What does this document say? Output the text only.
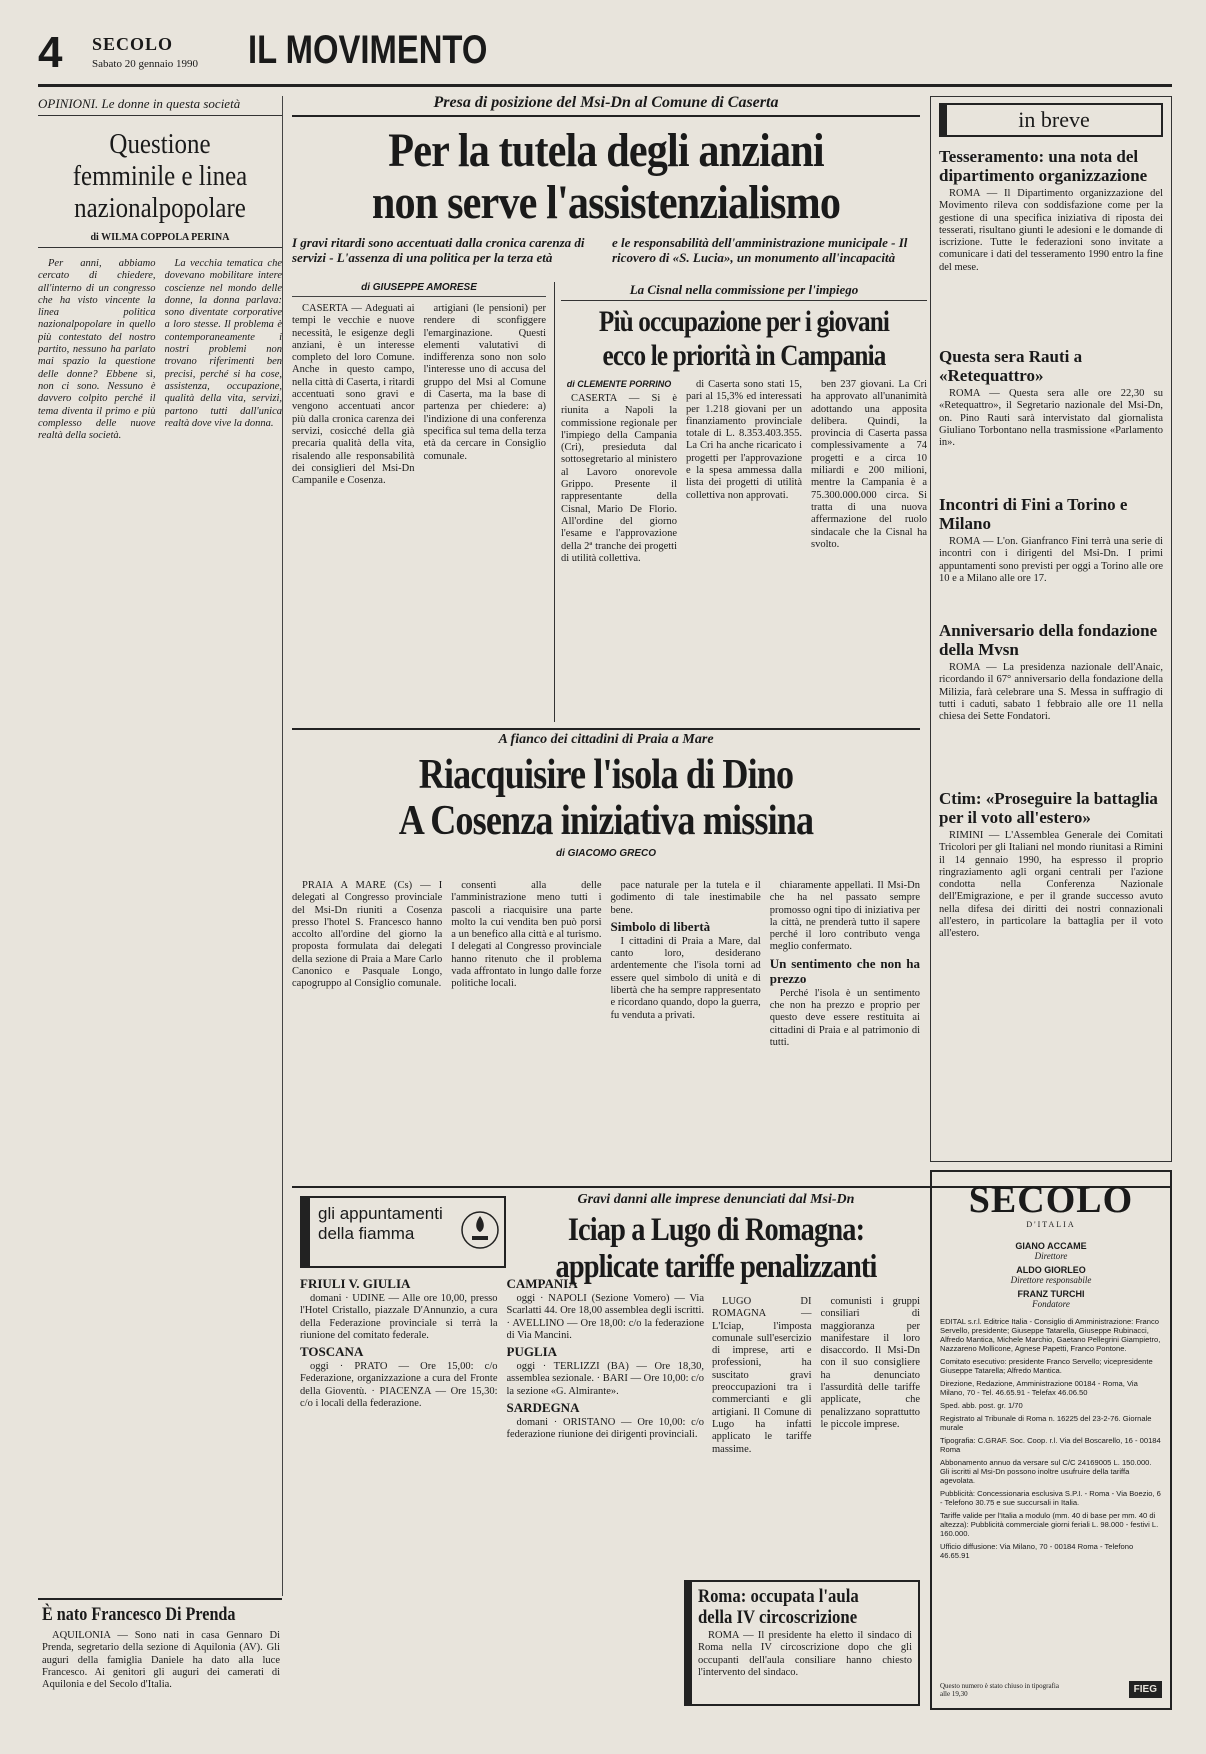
4 SECOLO
Sabato 20 gennaio 1990 IL MOVIMENTO
OPINIONI. Le donne in questa società
Questione femminile e linea nazionalpopolare
di WILMA COPPOLA PERINA

Per anni, abbiamo cercato di chiedere, all'interno di un congresso che ha visto vincente la linea politica nazionalpopolare in quello più contestato del nostro partito, nessuno ha parlato mai spazio la questione delle donne? Ebbene sì, non ci sono. Nessuno è davvero colpito perché il tema diventa il primo e più complesso delle nuove realtà della società.

La vecchia tematica che dovevano mobilitare intere coscienze nel mondo delle donne, la donna parlava: sono diventate corporative a loro stesse. Il problema è contemporaneamente i nostri problemi non trovano riferimenti ben precisi, perché si ha cose, assistenza, occupazione, qualità della vita, servizi, partono tutti dall'unica realtà dove vive la donna.

È nato Francesco Di Prenda

AQUILONIA — Sono nati in casa Gennaro Di Prenda, segretario della sezione di Aquilonia (AV). Gli auguri della famiglia Daniele ha dato alla luce Francesco. Ai genitori gli auguri dei camerati di Aquilonia e del Secolo d'Italia.

Presa di posizione del Msi-Dn al Comune di Caserta
Per la tutela degli anziani
non serve l'assistenzialismo
I gravi ritardi sono accentuati dalla cronica carenza di servizi - L'assenza di una politica per la terza età
e le responsabilità dell'amministrazione municipale - Il ricovero di «S. Lucia», un monumento all'incapacità
di GIUSEPPE AMORESE

CASERTA — Adeguati ai tempi le vecchie e nuove necessità, le esigenze degli anziani, è un interesse completo del loro Comune. Anche in questo campo, nella città di Caserta, i ritardi accentuati sono gravi e vengono accentuati ancor più dalla cronica carenza dei servizi, cosicché della già precaria qualità della vita, risalendo alle responsabilità dei consiglieri del Msi-Dn Campanile e Cosenza.

artigiani (le pensioni) per rendere di sconfiggere l'emarginazione. Questi elementi valutativi di indifferenza sono non solo l'interesse uno di accusa del gruppo del Msi al Comune di Caserta, ma la base di partenza per chiedere: a) l'indizione di una conferenza specifica sul tema della terza età da cercare in Consiglio comunale.

La Cisnal nella commissione per l'impiego
Più occupazione per i giovani
ecco le priorità in Campania
di CLEMENTE PORRINO

CASERTA — Si è riunita a Napoli la commissione regionale per l'impiego della Campania (Cri), presieduta dal sottosegretario al ministero al Lavoro onorevole Grippo. Presente il rappresentante della Cisnal, Mario De Florio. All'ordine del giorno l'esame e l'approvazione della 2ª tranche dei progetti di utilità collettiva.

di Caserta sono stati 15, pari al 15,3% ed interessati per 1.218 giovani per un finanziamento provinciale totale di L. 8.353.403.355. La Cri ha anche ricaricato i progetti per l'approvazione e la spesa ammessa dalla lista dei progetti di utilità collettiva non approvati.

ben 237 giovani. La Cri ha approvato all'unanimità adottando una apposita delibera. Quindi, la provincia di Caserta passa complessivamente a 74 progetti e a circa 10 miliardi e 200 milioni, mentre la Campania è a 75.300.000.000 circa. Si tratta di una nuova affermazione del ruolo sindacale che la Cisnal ha svolto.

A fianco dei cittadini di Praia a Mare
Riacquisire l'isola di Dino
A Cosenza iniziativa missina
di GIACOMO GRECO

PRAIA A MARE (Cs) — I delegati al Congresso provinciale del Msi-Dn riuniti a Cosenza presso l'hotel S. Francesco hanno accolto all'ordine del giorno la proposta formulata dai delegati della sezione di Praia a Mare Carlo Canonico e Pasquale Longo, capogruppo al Consiglio comunale.

consentì alla delle l'amministrazione meno tutti i pascoli a riacquisire una parte molto la cui vendita ben può porsi a un benefico alla città e al turismo. I delegati al Congresso provinciale hanno ritenuto che il problema vada affrontato in lungo dalle forze politiche locali.

pace naturale per la tutela e il godimento di tale inestimabile bene.

Simbolo di libertà

I cittadini di Praia a Mare, dal canto loro, desiderano ardentemente che l'isola torni ad essere quel simbolo di unità e di libertà che ha sempre rappresentato e ricordano quando, dopo la guerra, fu venduta a privati.

chiaramente appellati. Il Msi-Dn che ha nel passato sempre promosso ogni tipo di iniziativa per la città, ne prenderà tutto il sapere perché il loro contributo venga meglio confermato.

Un sentimento che non ha prezzo

Perché l'isola è un sentimento che non ha prezzo e proprio per questo deve essere restituita ai cittadini di Praia e al patrimonio di tutti.

in breve
Tesseramento: una nota del dipartimento organizzazione

ROMA — Il Dipartimento organizzazione del Movimento rileva con soddisfazione come per la gestione di una specifica iniziativa di riposta dei tesserati, risultano giunti le adesioni e le domande di iscrizione. Tutte le federazioni sono invitate a comunicare i dati del tesseramento 1990 entro la fine del mese.

Questa sera Rauti a «Retequattro»

ROMA — Questa sera alle ore 22,30 su «Retequattro», il Segretario nazionale del Msi-Dn, on. Pino Rauti sarà intervistato dal giornalista Giuliano Torbontano nella trasmissione «Parlamento in».

Incontri di Fini a Torino e Milano

ROMA — L'on. Gianfranco Fini terrà una serie di incontri con i dirigenti del Msi-Dn. I primi appuntamenti sono previsti per oggi a Torino alle ore 10 e a Milano alle ore 17.

Anniversario della fondazione della Mvsn

ROMA — La presidenza nazionale dell'Anaic, ricordando il 67° anniversario della fondazione della Milizia, farà celebrare una S. Messa in suffragio di tutti i caduti, sabato 1 febbraio alle ore 11 nella chiesa dei Sette Fondatori.

Ctim: «Proseguire la battaglia per il voto all'estero»

RIMINI — L'Assemblea Generale dei Comitati Tricolori per gli Italiani nel mondo riunitasi a Rimini il 14 gennaio 1990, ha espresso il proprio ringraziamento agli organi centrali per l'azione condotta nella Conferenza Nazionale dell'Emigrazione, e per il grande successo avuto nella difesa dei diritti dei nostri connazionali all'estero, in particolare la battaglia per il voto all'estero.

gli appuntamenti
della fiamma

FRIULI V. GIULIA

domani · UDINE — Alle ore 10,00, presso l'Hotel Cristallo, piazzale D'Annunzio, a cura della Federazione provinciale si terrà la riunione del comitato federale.

TOSCANA

oggi · PRATO — Ore 15,00: c/o Federazione, organizzazione a cura del Fronte della Gioventù. · PIACENZA — Ore 15,30: c/o i locali della federazione.

CAMPANIA

oggi · NAPOLI (Sezione Vomero) — Via Scarlatti 44. Ore 18,00 assemblea degli iscritti. · AVELLINO — Ore 18,00: c/o la federazione di Via Mancini.

PUGLIA

oggi · TERLIZZI (BA) — Ore 18,30, assemblea sezionale. · BARI — Ore 10,00: c/o la sezione «G. Almirante».

SARDEGNA

domani · ORISTANO — Ore 10,00: c/o federazione riunione dei dirigenti provinciali.

Gravi danni alle imprese denunciati dal Msi-Dn
Iciap a Lugo di Romagna:
applicate tariffe penalizzanti

LUGO DI ROMAGNA — L'Iciap, l'imposta comunale sull'esercizio di imprese, arti e professioni, ha suscitato gravi preoccupazioni tra i commercianti e gli artigiani. Il Comune di Lugo ha infatti applicato le tariffe massime.

comunisti i gruppi consiliari di maggioranza per manifestare il loro disaccordo. Il Msi-Dn con il suo consigliere ha denunciato l'assurdità delle tariffe applicate, che penalizzano soprattutto le piccole imprese.

Roma: occupata l'aula
della IV circoscrizione

ROMA — Il presidente ha eletto il sindaco di Roma nella IV circoscrizione dopo che gli occupanti dell'aula consiliare hanno chiesto l'intervento del sindaco.

SECOLO
D'ITALIA
GIANO ACCAME
Direttore
ALDO GIORLEO
Direttore responsabile
FRANZ TURCHI
Fondatore

EDITAL s.r.l. Editrice Italia - Consiglio di Amministrazione: Franco Servello, presidente; Giuseppe Tatarella, Giuseppe Rubinacci, Alfredo Mantica, Michele Marchio, Gaetano Pellegrini Giampietro, Nazzareno Mollicone, Agnese Papetti, Franco Pontone.

Comitato esecutivo: presidente Franco Servello; vicepresidente Giuseppe Tatarella; Alfredo Mantica.

Direzione, Redazione, Amministrazione 00184 - Roma, Via Milano, 70 - Tel. 46.65.91 - Telefax 46.06.50

Sped. abb. post. gr. 1/70

Registrato al Tribunale di Roma n. 16225 del 23-2-76. Giornale murale

Tipografia: C.GRAF. Soc. Coop. r.l. Via del Boscarello, 16 - 00184 Roma

Abbonamento annuo da versare sul C/C 24169005 L. 150.000. Gli iscritti al Msi-Dn possono inoltre usufruire della tariffa agevolata.

Pubblicità: Concessionaria esclusiva S.P.I. - Roma - Via Boezio, 6 - Telefono 30.75 e sue succursali in Italia.

Tariffe valide per l'Italia a modulo (mm. 40 di base per mm. 40 di altezza): Pubblicità commerciale giorni feriali L. 98.000 - festivi L. 160.000.

Ufficio diffusione: Via Milano, 70 - 00184 Roma - Telefono 46.65.91

Questo numero è stato chiuso in tipografia alle 19,30	FIEG
